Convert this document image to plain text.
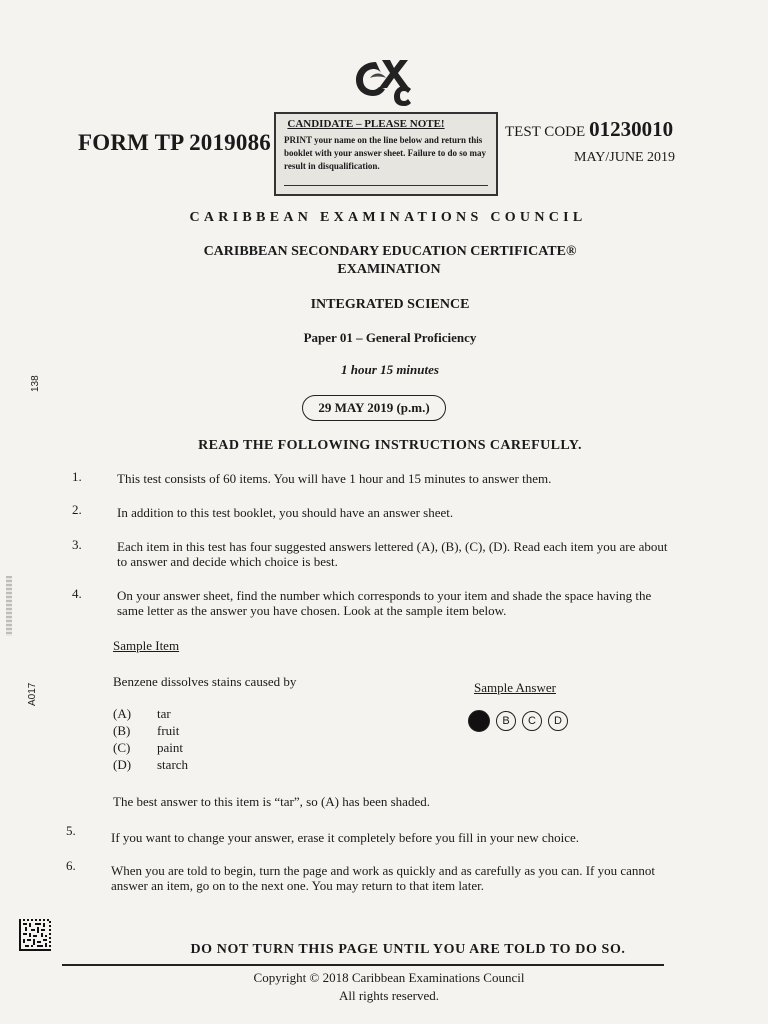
FORM TP 2019086
CANDIDATE – PLEASE NOTE!
PRINT your name on the line below and return this booklet with your answer sheet. Failure to do so may result in disqualification.
TEST CODE 01230010
MAY/JUNE 2019
CARIBBEAN EXAMINATIONS COUNCIL
CARIBBEAN SECONDARY EDUCATION CERTIFICATE®
EXAMINATION
INTEGRATED SCIENCE
Paper 01 – General Proficiency
1 hour 15 minutes
29 MAY 2019 (p.m.)
READ THE FOLLOWING INSTRUCTIONS CAREFULLY.
1.	This test consists of 60 items. You will have 1 hour and 15 minutes to answer them.
2.	In addition to this test booklet, you should have an answer sheet.
3.	Each item in this test has four suggested answers lettered (A), (B), (C), (D). Read each item you are about to answer and decide which choice is best.
4.	On your answer sheet, find the number which corresponds to your item and shade the space having the same letter as the answer you have chosen. Look at the sample item below.
Sample Item
Benzene dissolves stains caused by	Sample Answer
(A) tar
(B) fruit
(C) paint
(D) starch
B	C	D
The best answer to this item is “tar”, so (A) has been shaded.
5.	If you want to change your answer, erase it completely before you fill in your new choice.
6.	When you are told to begin, turn the page and work as quickly and as carefully as you can. If you cannot answer an item, go on to the next one. You may return to that item later.
DO NOT TURN THIS PAGE UNTIL YOU ARE TOLD TO DO SO.
Copyright © 2018 Caribbean Examinations Council
All rights reserved.
138
A017
